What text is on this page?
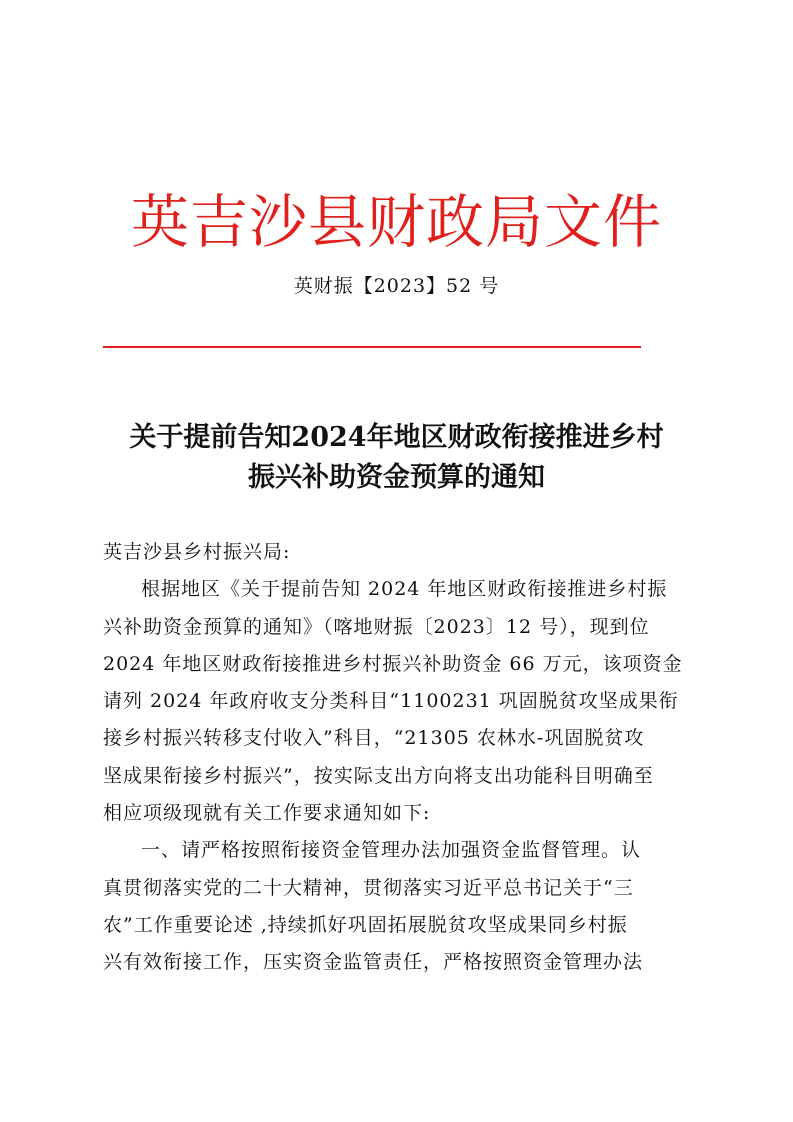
英吉沙县财政局文件
英财振【2023】52 号
关于提前告知2024年地区财政衔接推进乡村
振兴补助资金预算的通知
英吉沙县乡村振兴局:
根据地区《关于提前告知 2024 年地区财政衔接推进乡村振
兴补助资金预算的通知》（喀地财振〔2023〕12 号），现到位
2024 年地区财政衔接推进乡村振兴补助资金 66 万元，该项资金
请列 2024 年政府收支分类科目“1100231 巩固脱贫攻坚成果衔
接乡村振兴转移支付收入”科目，“21305 农林水-巩固脱贫攻
坚成果衔接乡村振兴”，按实际支出方向将支出功能科目明确至
相应项级现就有关工作要求通知如下:
一、请严格按照衔接资金管理办法加强资金监督管理。认
真贯彻落实党的二十大精神，贯彻落实习近平总书记关于“三
农”工作重要论述 ,持续抓好巩固拓展脱贫攻坚成果同乡村振
兴有效衔接工作，压实资金监管责任，严格按照资金管理办法
